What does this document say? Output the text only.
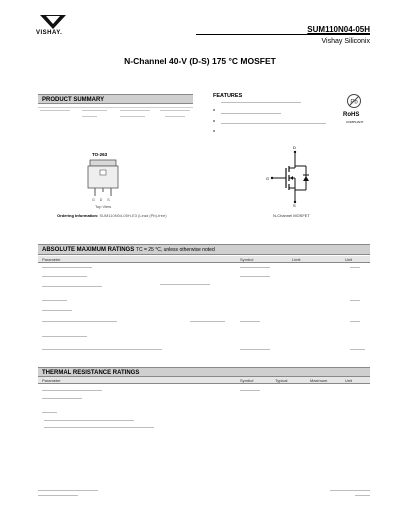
VISHAY.	SUM110N04-05H
Vishay Siliconix
N-Channel 40-V (D-S) 175 °C MOSFET
PRODUCT SUMMARY
FEATURES
Pb
RoHS
COMPLIANT
TO-263
G D S
Top View
Ordering Information: SUM110N04-05H-E3 (Lead (Pb)-free)
D
G
S
N-Channel MOSFET
ABSOLUTE MAXIMUM RATINGS TC = 25 °C, unless otherwise noted
Parameter	Symbol	Limit	Unit
THERMAL RESISTANCE RATINGS
Parameter	Symbol	Typical	Maximum	Unit
